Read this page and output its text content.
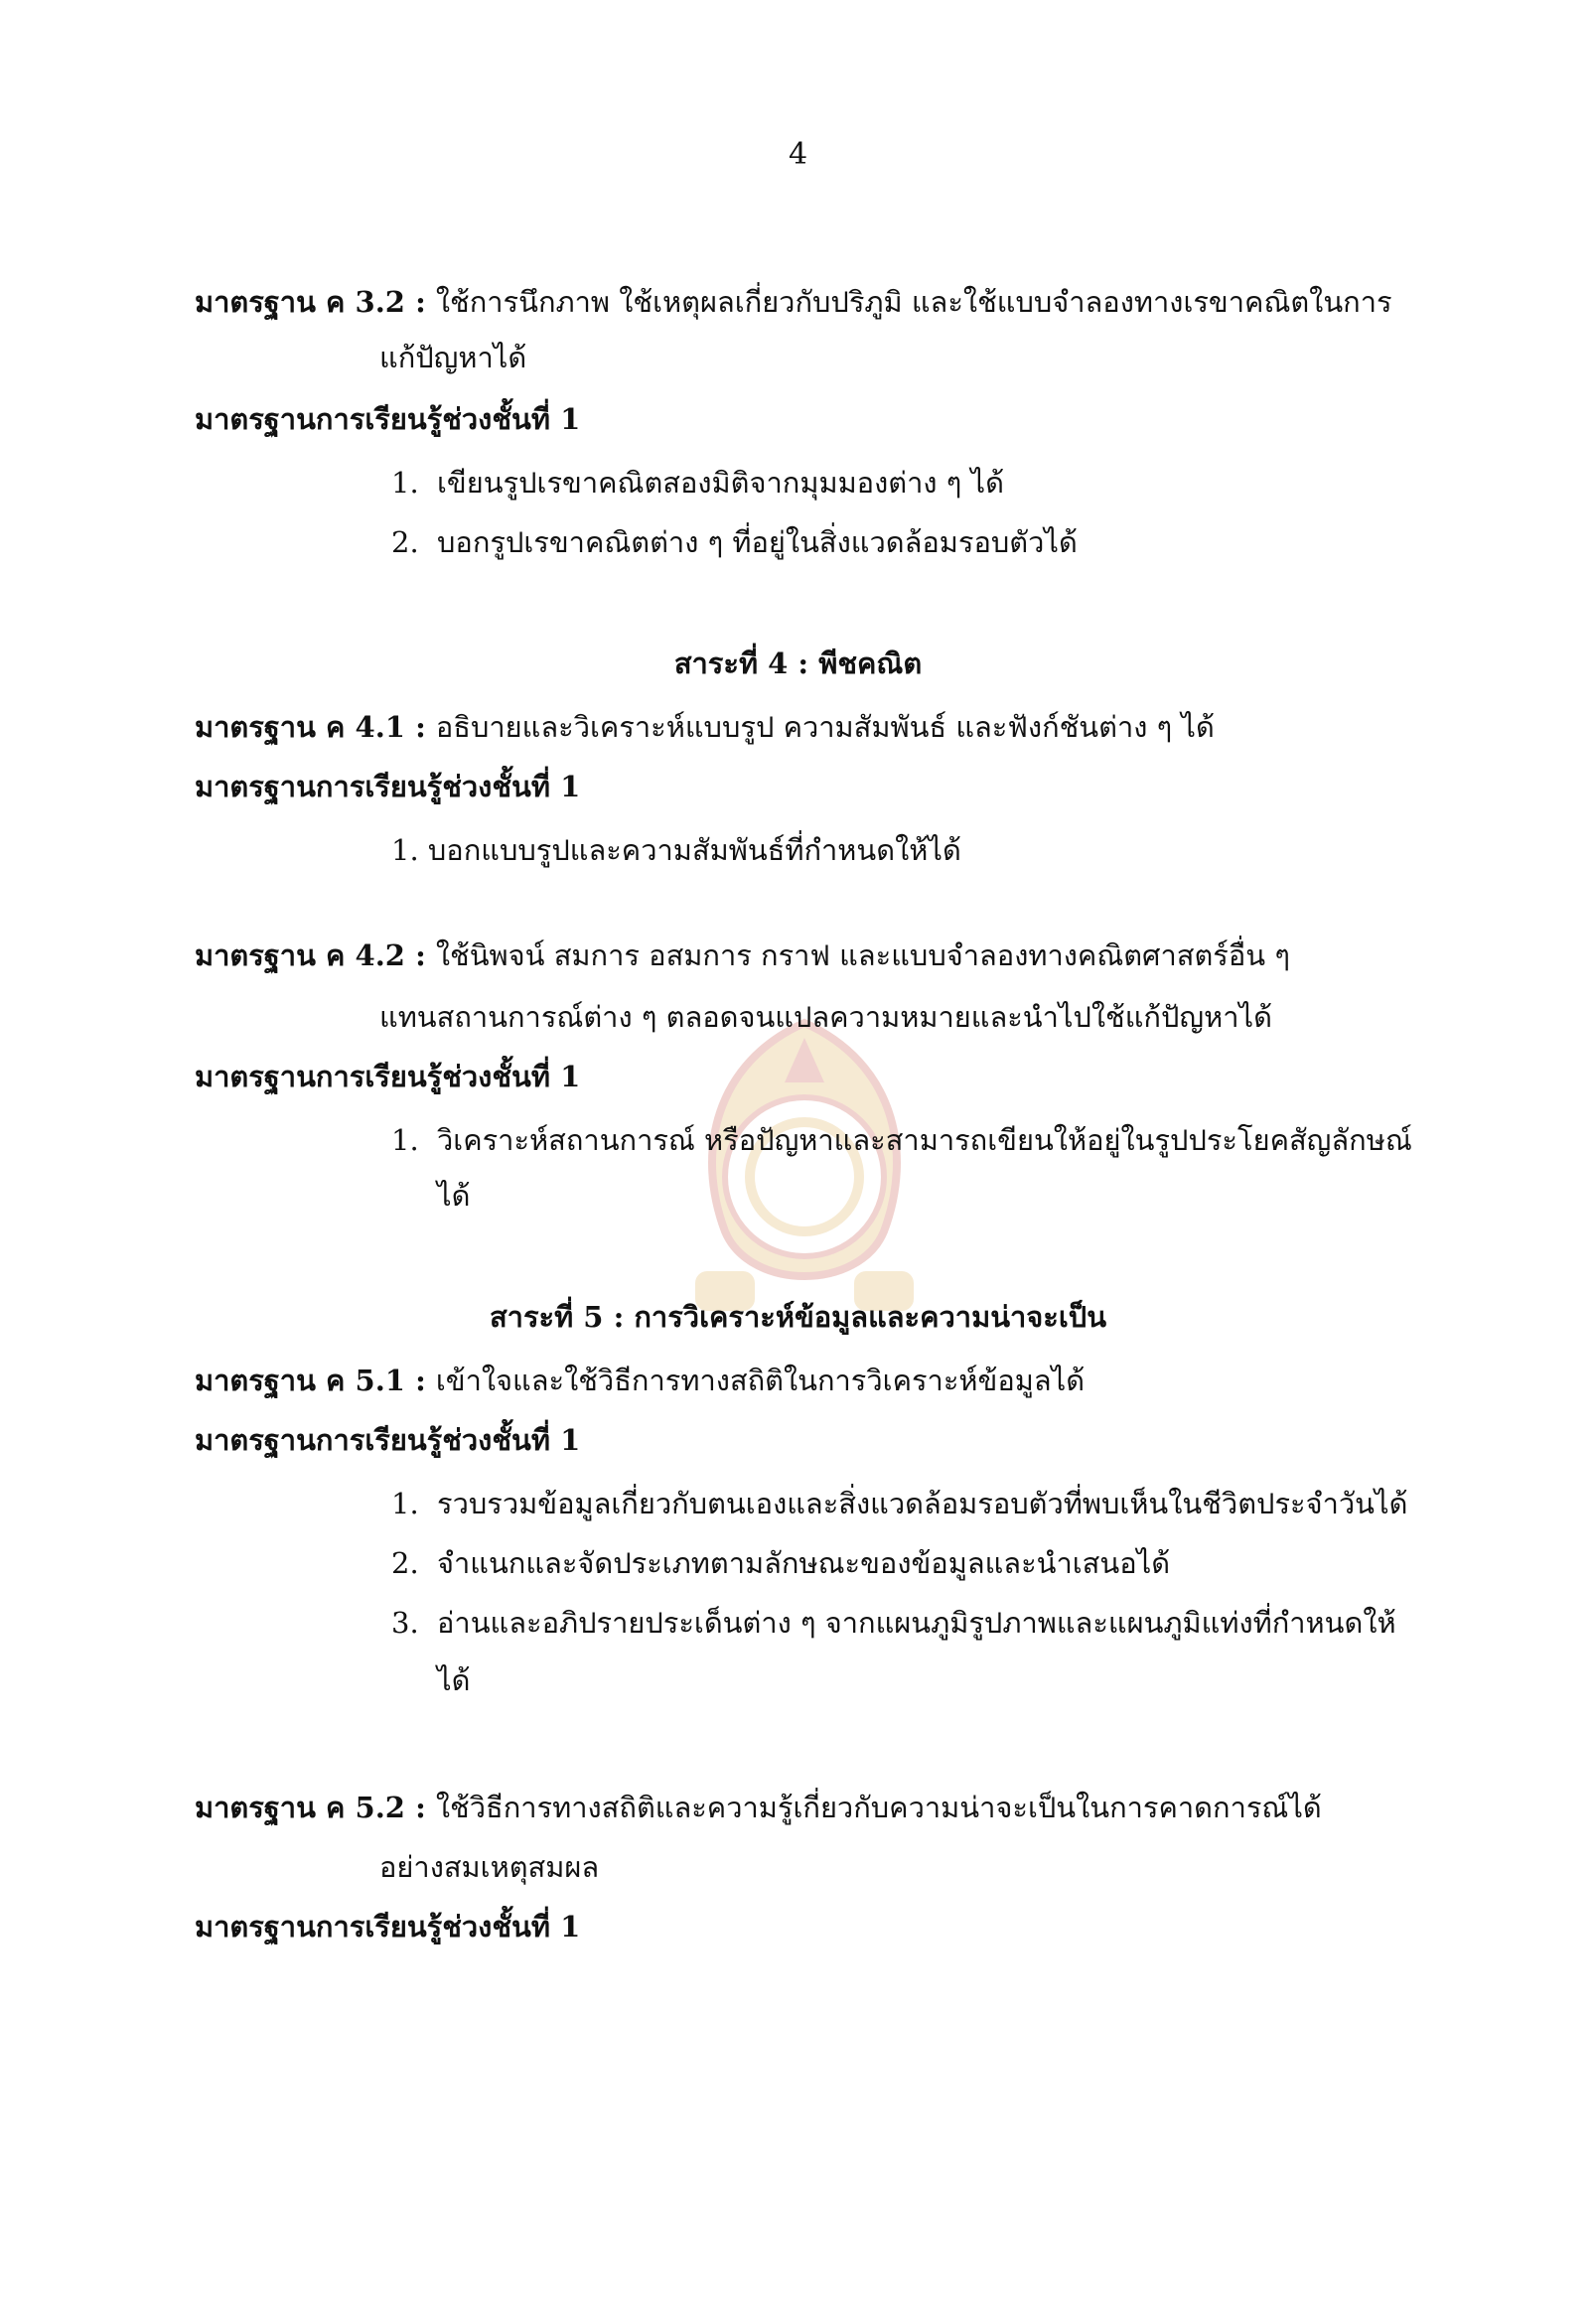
4
มาตรฐาน ค 3.2 : ใช้การนึกภาพ ใช้เหตุผลเกี่ยวกับปริภูมิ และใช้แบบจำลองทางเรขาคณิตในการ
แก้ปัญหาได้
มาตรฐานการเรียนรู้ช่วงชั้นที่ 1
1. เขียนรูปเรขาคณิตสองมิติจากมุมมองต่าง ๆ ได้
2. บอกรูปเรขาคณิตต่าง ๆ ที่อยู่ในสิ่งแวดล้อมรอบตัวได้
สาระที่ 4 : พีชคณิต
มาตรฐาน ค 4.1 : อธิบายและวิเคราะห์แบบรูป ความสัมพันธ์ และฟังก์ชันต่าง ๆ ได้
มาตรฐานการเรียนรู้ช่วงชั้นที่ 1
1. บอกแบบรูปและความสัมพันธ์ที่กำหนดให้ได้
มาตรฐาน ค 4.2 : ใช้นิพจน์ สมการ อสมการ กราฟ และแบบจำลองทางคณิตศาสตร์อื่น ๆ
แทนสถานการณ์ต่าง ๆ ตลอดจนแปลความหมายและนำไปใช้แก้ปัญหาได้
มาตรฐานการเรียนรู้ช่วงชั้นที่ 1
1. วิเคราะห์สถานการณ์ หรือปัญหาและสามารถเขียนให้อยู่ในรูปประโยคสัญลักษณ์
ได้
สาระที่ 5 : การวิเคราะห์ข้อมูลและความน่าจะเป็น
มาตรฐาน ค 5.1 : เข้าใจและใช้วิธีการทางสถิติในการวิเคราะห์ข้อมูลได้
มาตรฐานการเรียนรู้ช่วงชั้นที่ 1
1. รวบรวมข้อมูลเกี่ยวกับตนเองและสิ่งแวดล้อมรอบตัวที่พบเห็นในชีวิตประจำวันได้
2. จำแนกและจัดประเภทตามลักษณะของข้อมูลและนำเสนอได้
3. อ่านและอภิปรายประเด็นต่าง ๆ จากแผนภูมิรูปภาพและแผนภูมิแท่งที่กำหนดให้
ได้
มาตรฐาน ค 5.2 : ใช้วิธีการทางสถิติและความรู้เกี่ยวกับความน่าจะเป็นในการคาดการณ์ได้
อย่างสมเหตุสมผล
มาตรฐานการเรียนรู้ช่วงชั้นที่ 1
